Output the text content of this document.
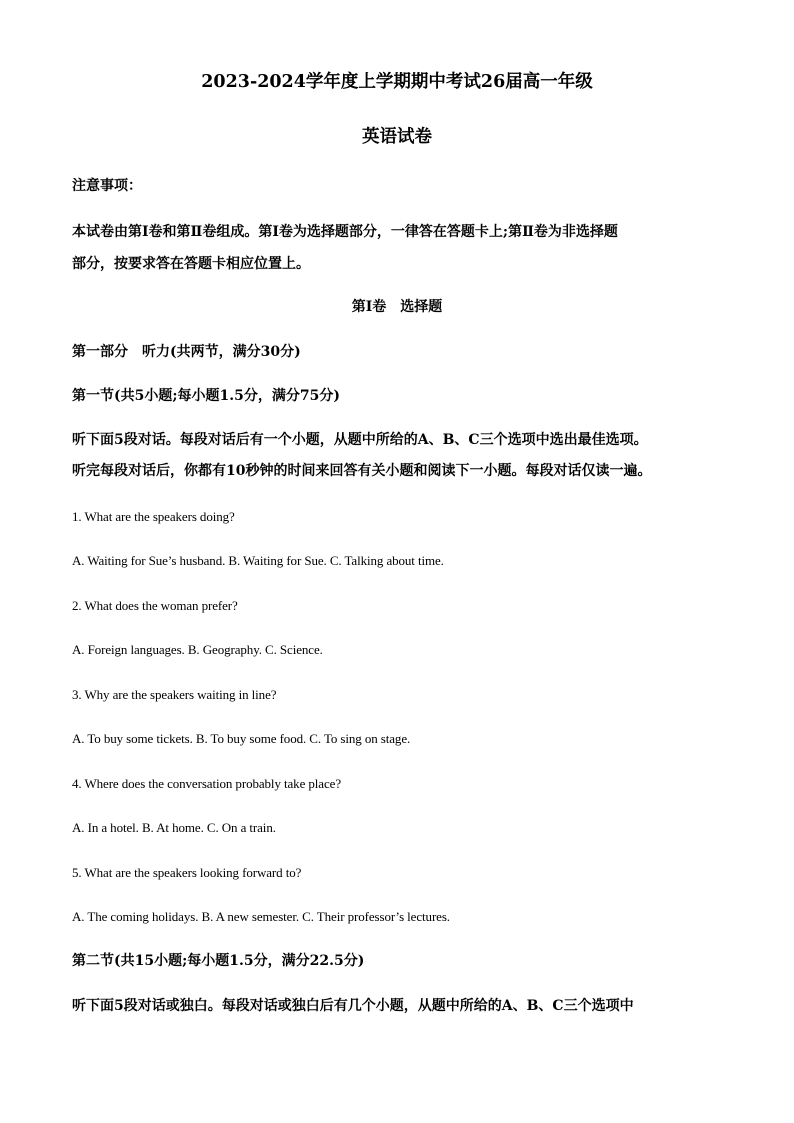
2023-2024学年度上学期期中考试26届高一年级
英语试卷
注意事项：
本试卷由第Ⅰ卷和第Ⅱ卷组成。第Ⅰ卷为选择题部分，一律答在答题卡上;第Ⅱ卷为非选择题
部分，按要求答在答题卡相应位置上。
第Ⅰ卷　选择题
第一部分　听力(共两节，满分30分)
第一节(共5小题;每小题1.5分，满分75分)
听下面5段对话。每段对话后有一个小题，从题中所给的A、B、C三个选项中选出最佳选项。
听完每段对话后，你都有10秒钟的时间来回答有关小题和阅读下一小题。每段对话仅读一遍。
1. What are the speakers doing?
A. Waiting for Sue’s husband. B. Waiting for Sue. C. Talking about time.
2. What does the woman prefer?
A. Foreign languages. B. Geography. C. Science.
3. Why are the speakers waiting in line?
A. To buy some tickets. B. To buy some food. C. To sing on stage.
4. Where does the conversation probably take place?
A. In a hotel. B. At home. C. On a train.
5. What are the speakers looking forward to?
A. The coming holidays. B. A new semester. C. Their professor’s lectures.
第二节(共15小题;每小题1.5分，满分22.5分)
听下面5段对话或独白。每段对话或独白后有几个小题，从题中所给的A、B、C三个选项中
